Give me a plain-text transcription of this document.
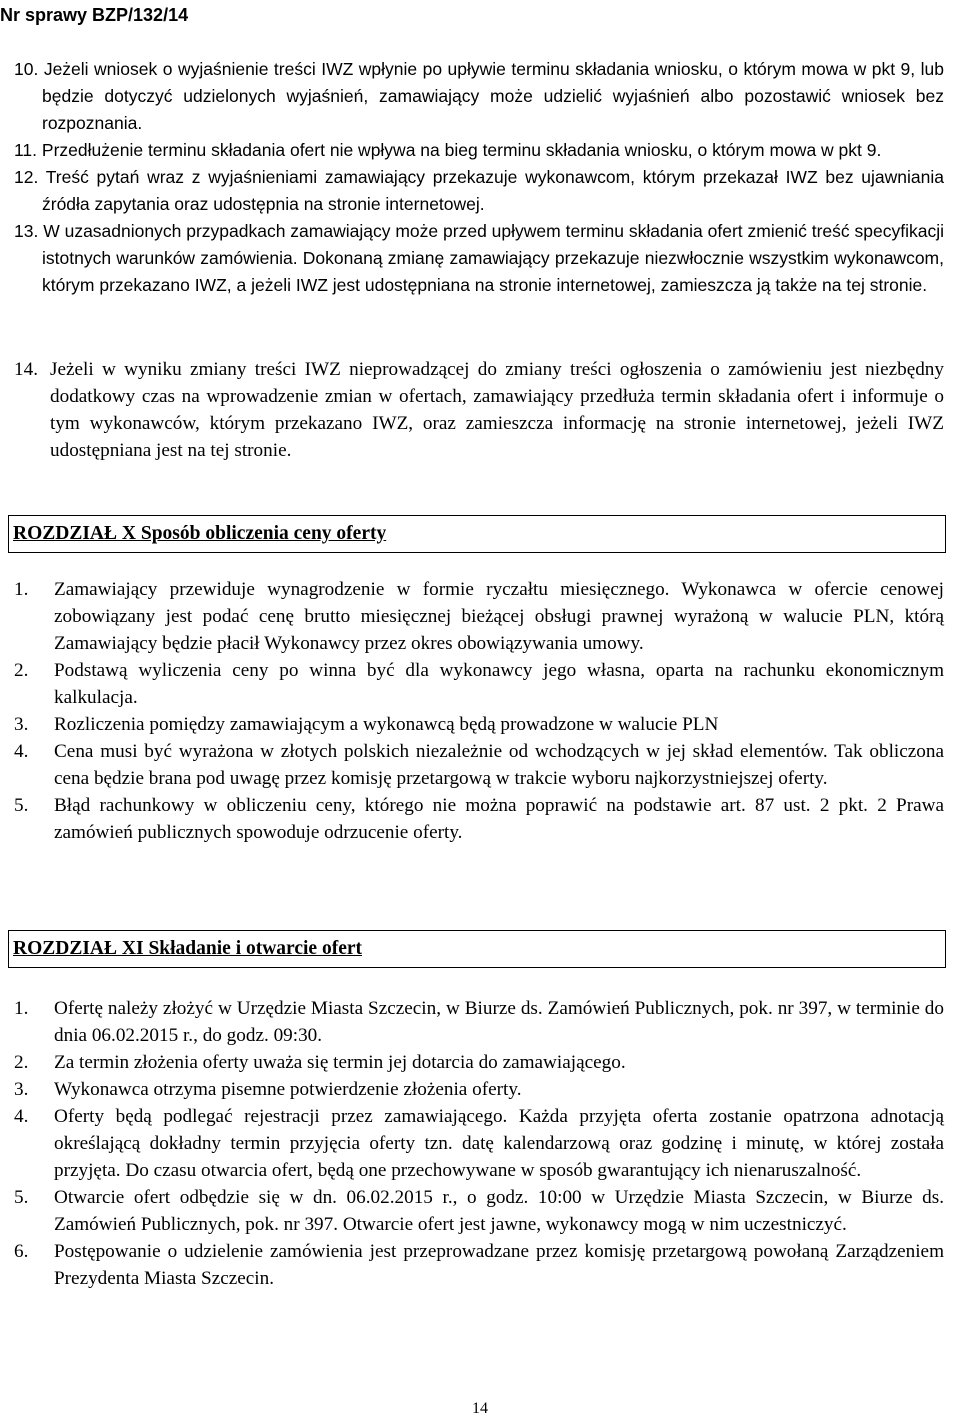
Nr sprawy BZP/132/14

10. Jeżeli wniosek o wyjaśnienie treści IWZ wpłynie po upływie terminu składania wniosku, o którym mowa w pkt 9, lub będzie dotyczyć udzielonych wyjaśnień, zamawiający może udzielić wyjaśnień albo pozostawić wniosek bez rozpoznania.

11. Przedłużenie terminu składania ofert nie wpływa na bieg terminu składania wniosku, o którym mowa w pkt 9.

12. Treść pytań wraz z wyjaśnieniami zamawiający przekazuje wykonawcom, którym przekazał IWZ bez ujawniania źródła zapytania oraz udostępnia na stronie internetowej.

13. W uzasadnionych przypadkach zamawiający może przed upływem terminu składania ofert zmienić treść specyfikacji istotnych warunków zamówienia. Dokonaną zmianę zamawiający przekazuje niezwłocznie wszystkim wykonawcom, którym przekazano IWZ, a jeżeli IWZ jest udostępniana na stronie internetowej, zamieszcza ją także na tej stronie.

14. Jeżeli w wyniku zmiany treści IWZ nieprowadzącej do zmiany treści ogłoszenia o zamówieniu jest niezbędny dodatkowy czas na wprowadzenie zmian w ofertach, zamawiający przedłuża termin składania ofert i informuje o tym wykonawców, którym przekazano IWZ, oraz zamieszcza informację na stronie internetowej, jeżeli IWZ udostępniana jest na tej stronie.

ROZDZIAŁ X Sposób obliczenia ceny oferty

1. Zamawiający przewiduje wynagrodzenie w formie ryczałtu miesięcznego. Wykonawca w ofercie cenowej zobowiązany jest podać cenę brutto miesięcznej bieżącej obsługi prawnej wyrażoną w walucie PLN, którą Zamawiający będzie płacił Wykonawcy przez okres obowiązywania umowy.

2. Podstawą wyliczenia ceny po winna być dla wykonawcy jego własna, oparta na rachunku ekonomicznym kalkulacja.

3. Rozliczenia pomiędzy zamawiającym a wykonawcą będą prowadzone w walucie PLN

4. Cena musi być wyrażona w złotych polskich niezależnie od wchodzących w jej skład elementów. Tak obliczona cena będzie brana pod uwagę przez komisję przetargową w trakcie wyboru najkorzystniejszej oferty.

5. Błąd rachunkowy w obliczeniu ceny, którego nie można poprawić na podstawie art. 87 ust. 2 pkt. 2 Prawa zamówień publicznych spowoduje odrzucenie oferty.

ROZDZIAŁ XI Składanie i otwarcie ofert

1. Ofertę należy złożyć w Urzędzie Miasta Szczecin, w Biurze ds. Zamówień Publicznych, pok. nr 397, w terminie do dnia 06.02.2015 r., do godz. 09:30.

2. Za termin złożenia oferty uważa się termin jej dotarcia do zamawiającego.

3. Wykonawca otrzyma pisemne potwierdzenie złożenia oferty.

4. Oferty będą podlegać rejestracji przez zamawiającego. Każda przyjęta oferta zostanie opatrzona adnotacją określającą dokładny termin przyjęcia oferty tzn. datę kalendarzową oraz godzinę i minutę, w której została przyjęta. Do czasu otwarcia ofert, będą one przechowywane w sposób gwarantujący ich nienaruszalność.

5. Otwarcie ofert odbędzie się w dn. 06.02.2015 r., o godz. 10:00 w Urzędzie Miasta Szczecin, w Biurze ds. Zamówień Publicznych, pok. nr 397. Otwarcie ofert jest jawne, wykonawcy mogą w nim uczestniczyć.

6. Postępowanie o udzielenie zamówienia jest przeprowadzane przez komisję przetargową powołaną Zarządzeniem Prezydenta Miasta Szczecin.

14
